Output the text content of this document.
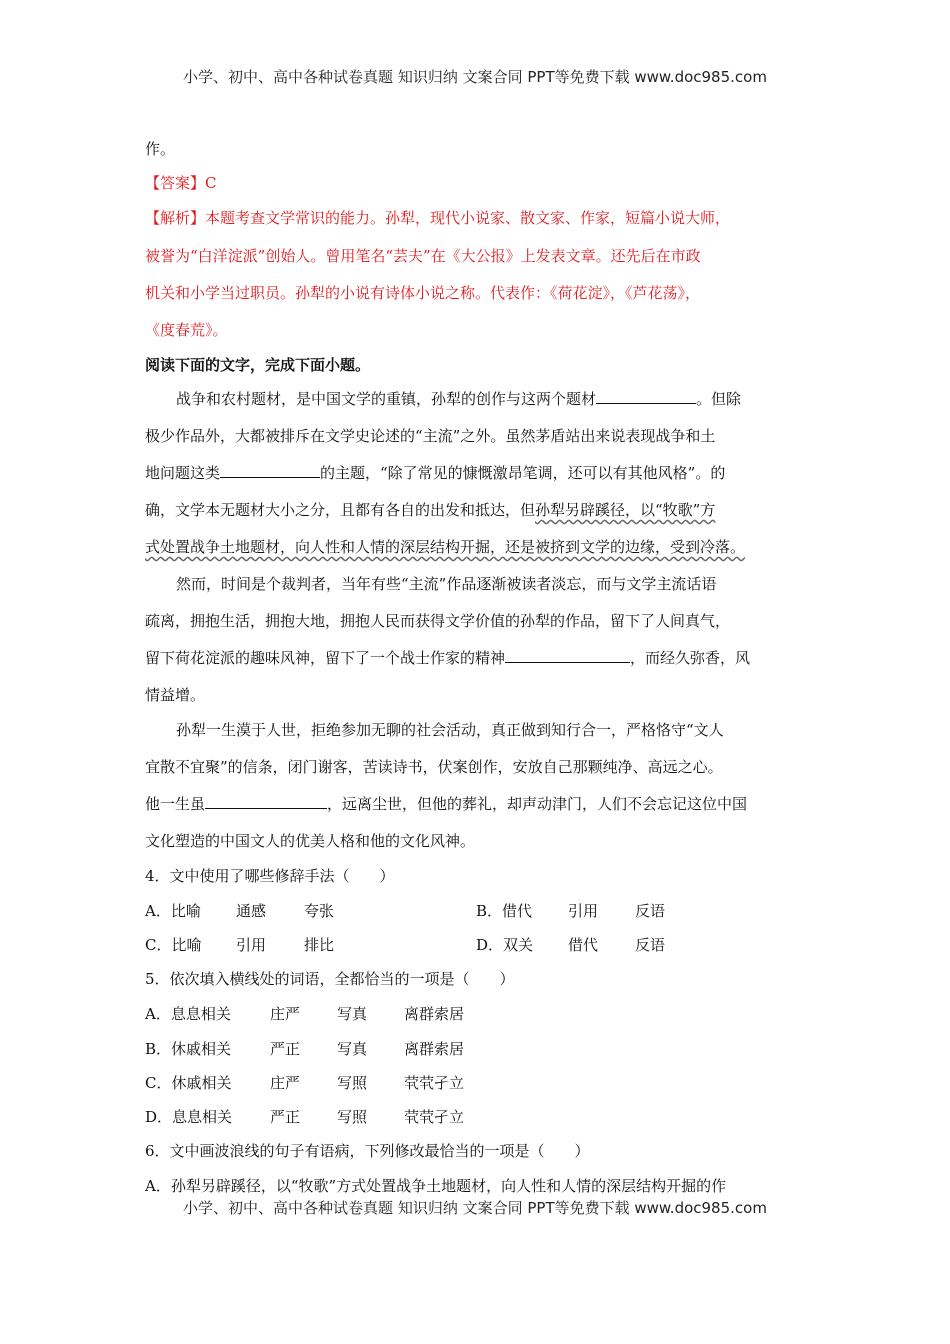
小学、初中、高中各种试卷真题 知识归纳 文案合同 PPT等免费下载 www.doc985.com
作。
【答案】C
【解析】本题考查文学常识的能力。孙犁，现代小说家、散文家、作家，短篇小说大师，
被誉为“白洋淀派”创始人。曾用笔名“芸夫”在《大公报》上发表文章。还先后在市政
机关和小学当过职员。孙犁的小说有诗体小说之称。代表作：《荷花淀》，《芦花荡》，
《度春荒》。
阅读下面的文字，完成下面小题。
战争和农村题材，是中国文学的重镇，孙犁的创作与这两个题材	。但除
极少作品外，大都被排斥在文学史论述的“主流”之外。虽然茅盾站出来说表现战争和土
地问题这类	的主题，“除了常见的慷慨激昂笔调，还可以有其他风格”。的
确，文学本无题材大小之分，且都有各自的出发和抵达，但孙犁另辟蹊径，以“牧歌”方
式处置战争土地题材，向人性和人情的深层结构开掘，还是被挤到文学的边缘，受到冷落。
然而，时间是个裁判者，当年有些“主流”作品逐渐被读者淡忘，而与文学主流话语
疏离，拥抱生活，拥抱大地，拥抱人民而获得文学价值的孙犁的作品，留下了人间真气，
留下荷花淀派的趣味风神，留下了一个战士作家的精神	，而经久弥香，风
情益增。
孙犁一生漠于人世，拒绝参加无聊的社会活动，真正做到知行合一，严格恪守“文人
宜散不宜聚”的信条，闭门谢客，苦读诗书，伏案创作，安放自己那颗纯净、高远之心。
他一生虽	，远离尘世，但他的葬礼，却声动津门，人们不会忘记这位中国
文化塑造的中国文人的优美人格和他的文化风神。
4．文中使用了哪些修辞手法（　　）
A．比喻 通感	夸张	B．借代 引用 反语
C．比喻 引用	排比	D．双关 借代 反语
5．依次填入横线处的词语，全都恰当的一项是（　　）
A．息息相关	庄严 写真 离群索居
B．休戚相关	严正 写真 离群索居
C．休戚相关	庄严 写照 茕茕孑立
D．息息相关	严正 写照 茕茕孑立
6．文中画波浪线的句子有语病，下列修改最恰当的一项是（　　）
A．孙犁另辟蹊径，以“牧歌”方式处置战争土地题材，向人性和人情的深层结构开掘的作
小学、初中、高中各种试卷真题 知识归纳 文案合同 PPT等免费下载 www.doc985.com
